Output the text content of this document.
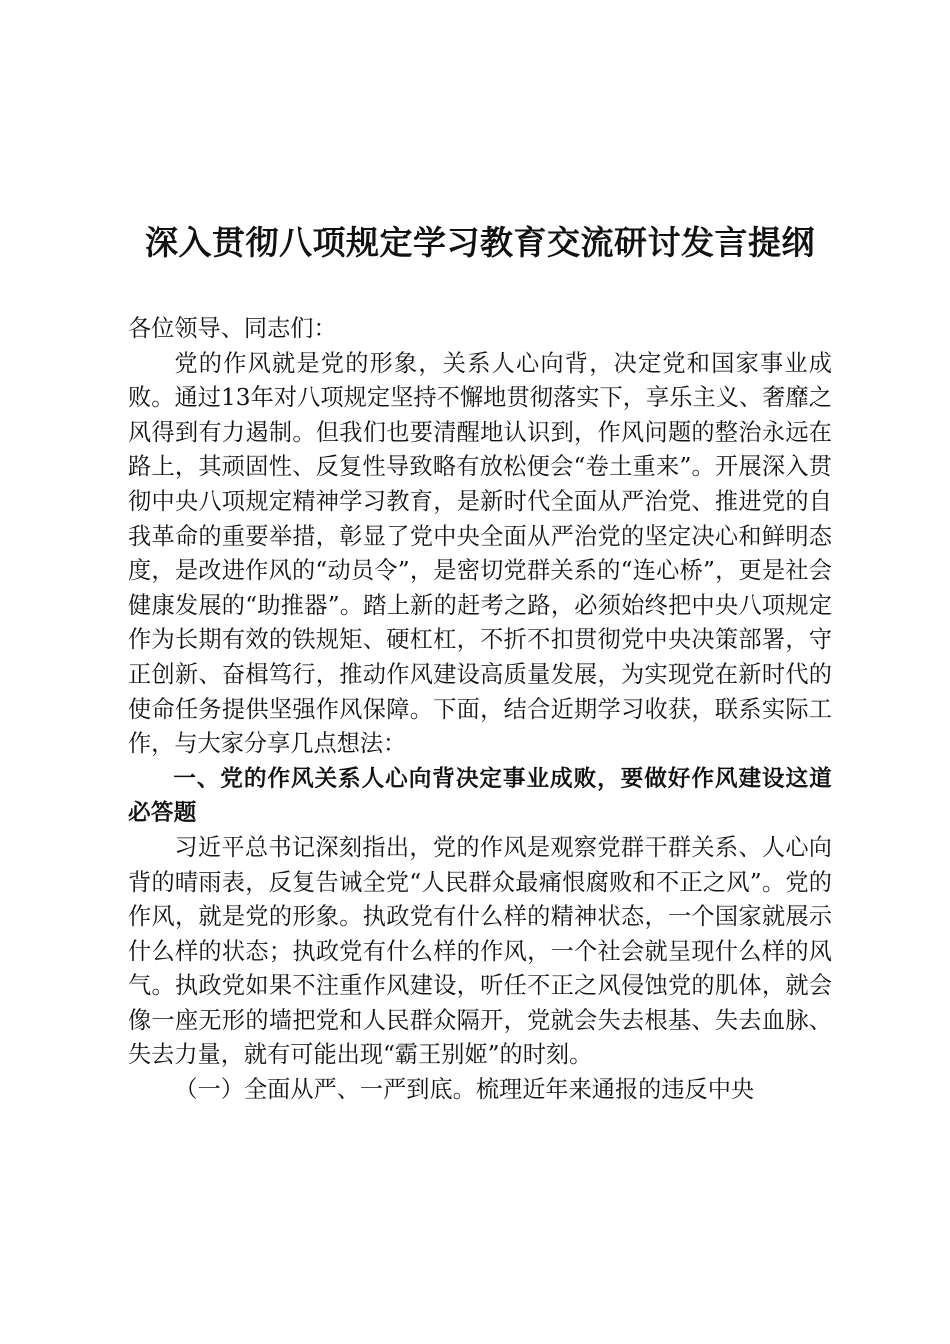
深入贯彻八项规定学习教育交流研讨发言提纲

各位领导、同志们：

党的作风就是党的形象，关系人心向背，决定党和国家事业成败。通过13年对八项规定坚持不懈地贯彻落实下，享乐主义、奢靡之风得到有力遏制。但我们也要清醒地认识到，作风问题的整治永远在路上，其顽固性、反复性导致略有放松便会“卷土重来”。开展深入贯彻中央八项规定精神学习教育，是新时代全面从严治党、推进党的自我革命的重要举措，彰显了党中央全面从严治党的坚定决心和鲜明态度，是改进作风的“动员令”，是密切党群关系的“连心桥”，更是社会健康发展的“助推器”。踏上新的赶考之路，必须始终把中央八项规定作为长期有效的铁规矩、硬杠杠，不折不扣贯彻党中央决策部署，守正创新、奋楫笃行，推动作风建设高质量发展，为实现党在新时代的使命任务提供坚强作风保障。下面，结合近期学习收获，联系实际工作，与大家分享几点想法：

一、党的作风关系人心向背决定事业成败，要做好作风建设这道必答题

习近平总书记深刻指出，党的作风是观察党群干群关系、人心向背的晴雨表，反复告诫全党“人民群众最痛恨腐败和不正之风”。党的作风，就是党的形象。执政党有什么样的精神状态，一个国家就展示什么样的状态；执政党有什么样的作风，一个社会就呈现什么样的风气。执政党如果不注重作风建设，听任不正之风侵蚀党的肌体，就会像一座无形的墙把党和人民群众隔开，党就会失去根基、失去血脉、失去力量，就有可能出现“霸王别姬”的时刻。

（一）全面从严、一严到底。梳理近年来通报的违反中央
